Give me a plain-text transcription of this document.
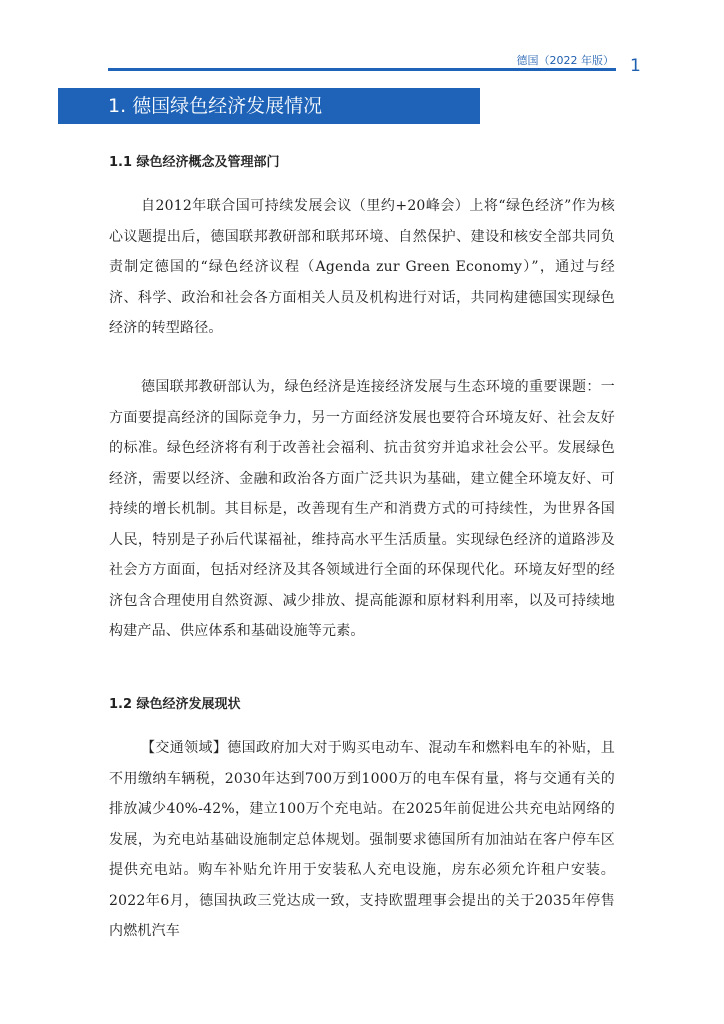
德国（2022 年版） 1
1. 德国绿色经济发展情况
1.1 绿色经济概念及管理部门

自2012年联合国可持续发展会议（里约+20峰会）上将“绿色经济”作为核心议题提出后，德国联邦教研部和联邦环境、自然保护、建设和核安全部共同负责制定德国的“绿色经济议程（Agenda zur Green Economy）”，通过与经济、科学、政治和社会各方面相关人员及机构进行对话，共同构建德国实现绿色经济的转型路径。

德国联邦教研部认为，绿色经济是连接经济发展与生态环境的重要课题：一方面要提高经济的国际竞争力，另一方面经济发展也要符合环境友好、社会友好的标准。绿色经济将有利于改善社会福利、抗击贫穷并追求社会公平。发展绿色经济，需要以经济、金融和政治各方面广泛共识为基础，建立健全环境友好、可持续的增长机制。其目标是，改善现有生产和消费方式的可持续性，为世界各国人民，特别是子孙后代谋福祉，维持高水平生活质量。实现绿色经济的道路涉及社会方方面面，包括对经济及其各领域进行全面的环保现代化。环境友好型的经济包含合理使用自然资源、减少排放、提高能源和原材料利用率，以及可持续地构建产品、供应体系和基础设施等元素。

1.2 绿色经济发展现状

【交通领域】德国政府加大对于购买电动车、混动车和燃料电车的补贴，且不用缴纳车辆税，2030年达到700万到1000万的电车保有量，将与交通有关的排放减少40%-42%，建立100万个充电站。在2025年前促进公共充电站网络的发展，为充电站基础设施制定总体规划。强制要求德国所有加油站在客户停车区提供充电站。购车补贴允许用于安装私人充电设施，房东必须允许租户安装。2022年6月，德国执政三党达成一致，支持欧盟理事会提出的关于2035年停售内燃机汽车
